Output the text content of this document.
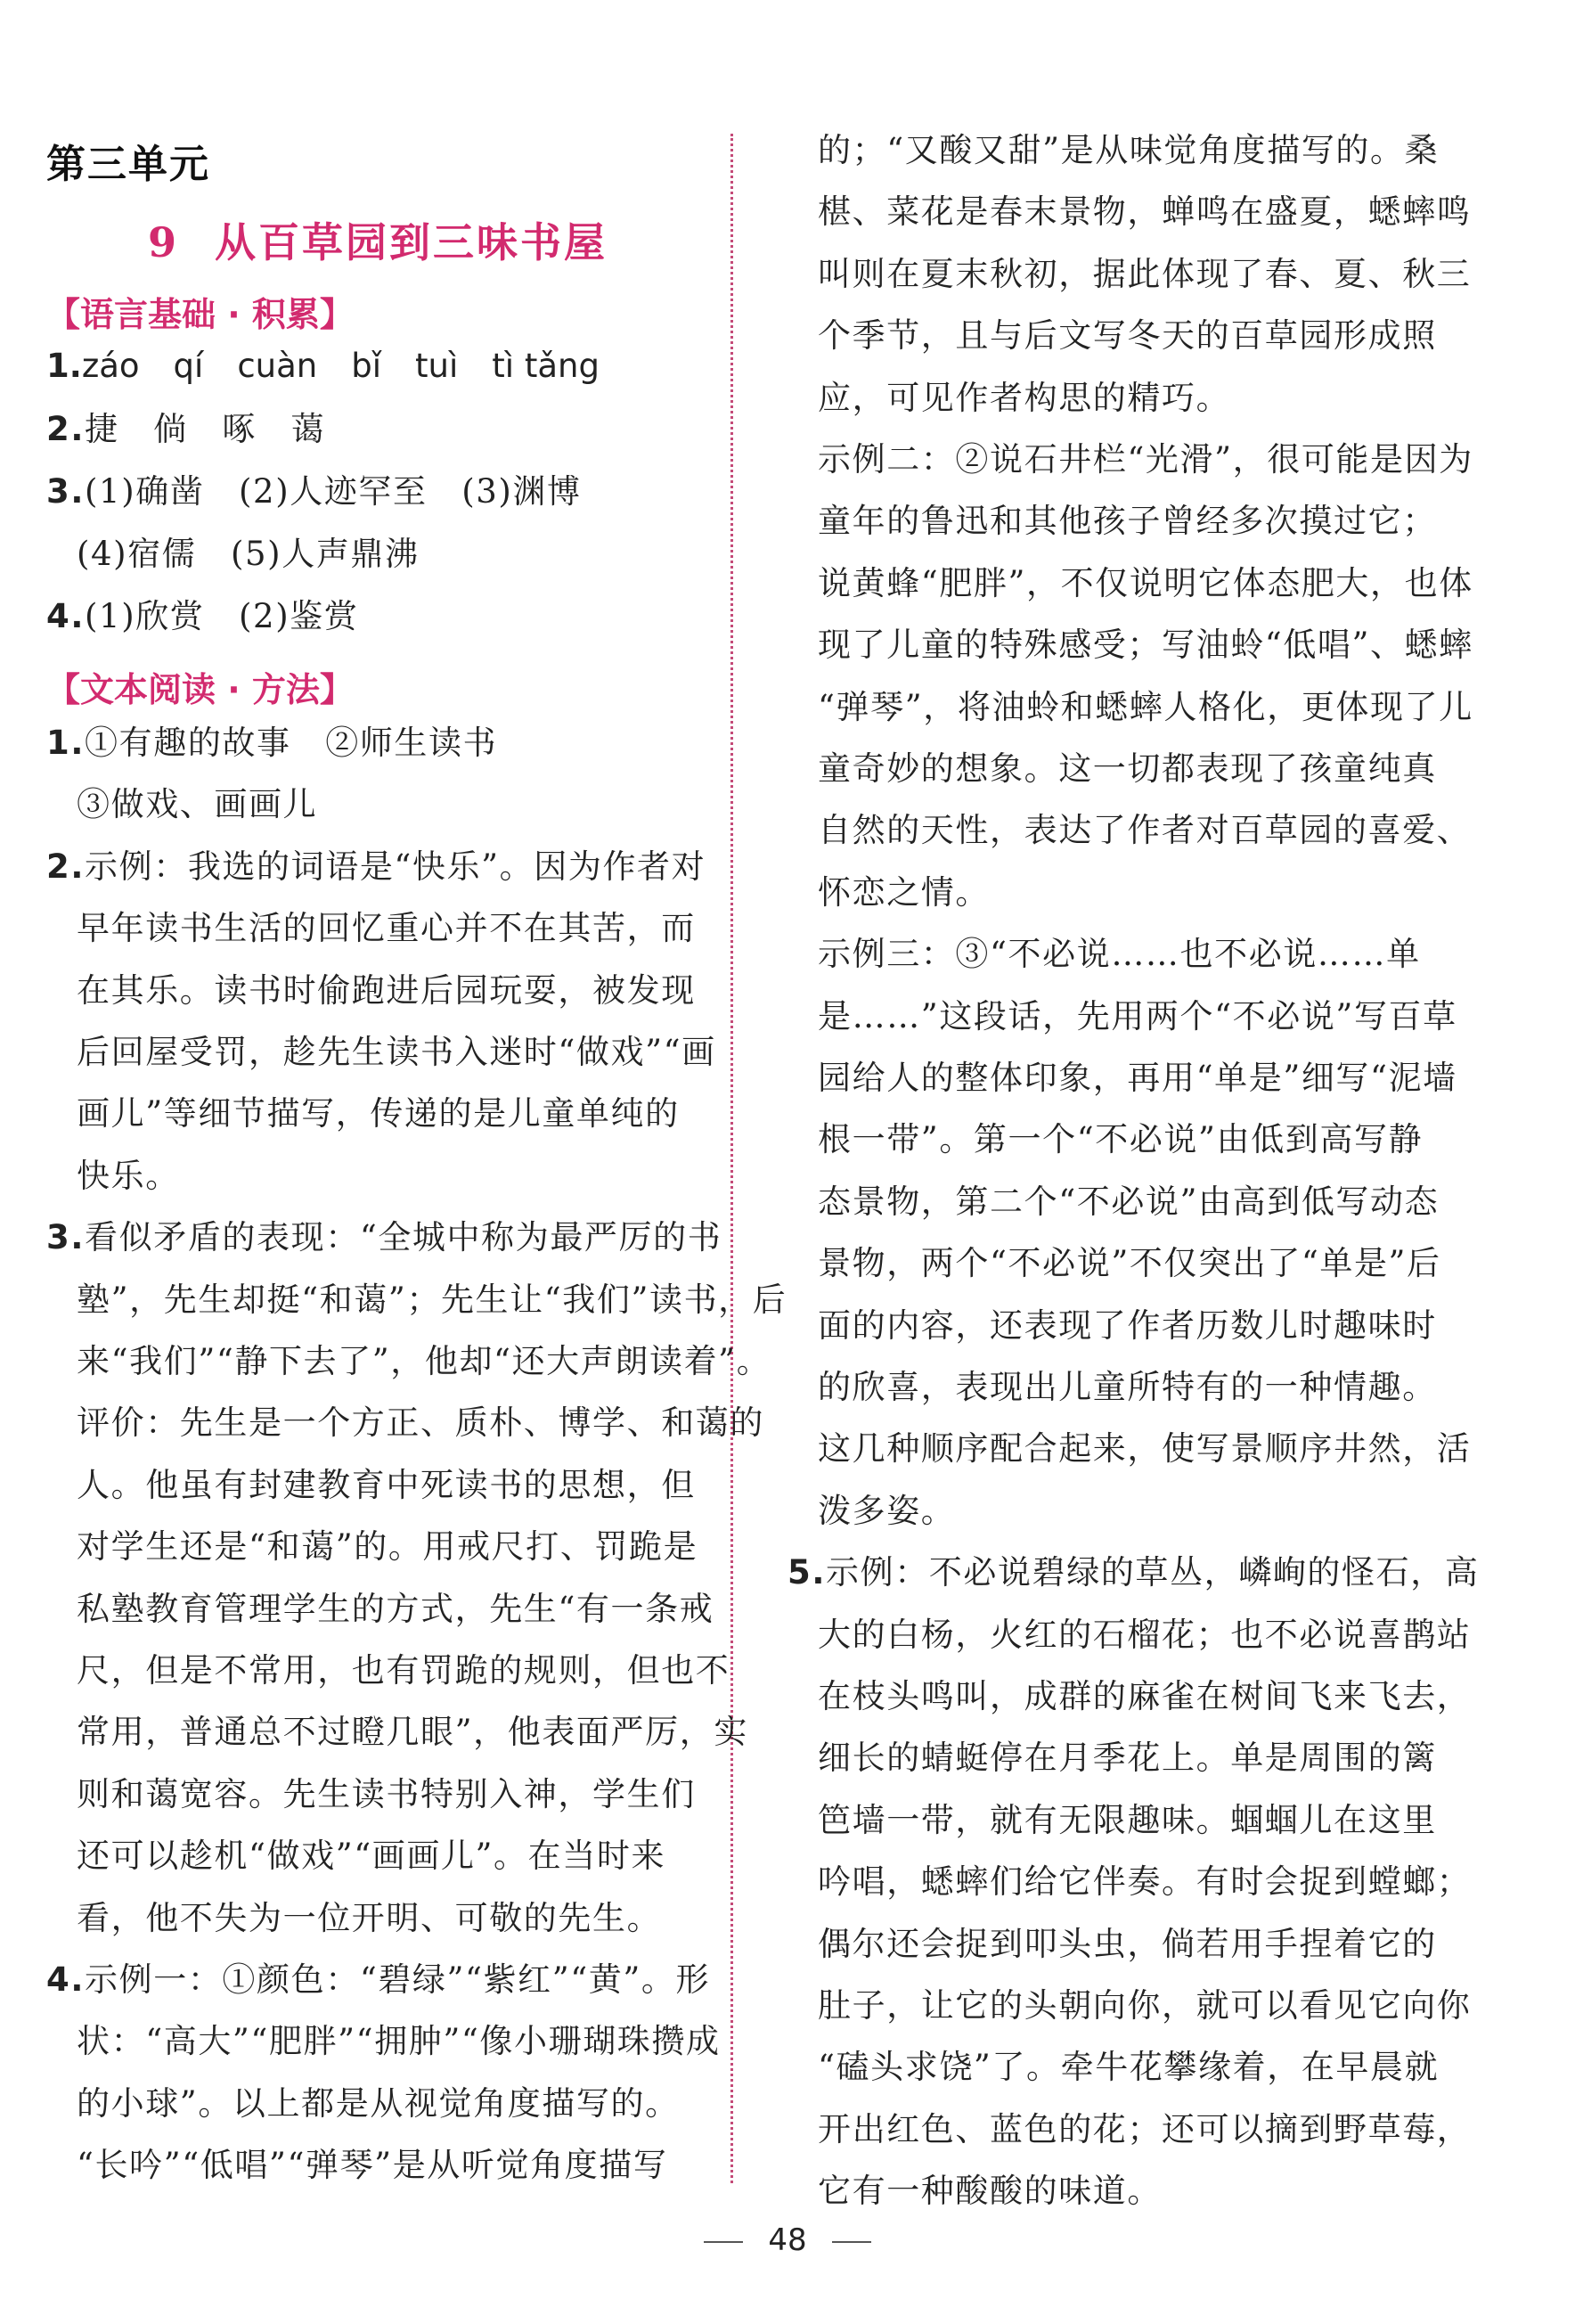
第三单元
9 从百草园到三味书屋
【语言基础 · 积累】
1.záo qí cuàn bǐ tuì tì tǎng
2.捷　倘　啄　蔼
3.(1)确凿　(2)人迹罕至　(3)渊博
(4)宿儒　(5)人声鼎沸
4.(1)欣赏　(2)鉴赏
【文本阅读 · 方法】
1.①有趣的故事　②师生读书
③做戏、画画儿
2.示例：我选的词语是“快乐”。因为作者对
早年读书生活的回忆重心并不在其苦，而
在其乐。读书时偷跑进后园玩耍，被发现
后回屋受罚，趁先生读书入迷时“做戏”“画
画儿”等细节描写，传递的是儿童单纯的
快乐。
3.看似矛盾的表现：“全城中称为最严厉的书
塾”，先生却挺“和蔼”；先生让“我们”读书，后
来“我们”“静下去了”，他却“还大声朗读着”。
评价：先生是一个方正、质朴、博学、和蔼的
人。他虽有封建教育中死读书的思想，但
对学生还是“和蔼”的。用戒尺打、罚跪是
私塾教育管理学生的方式，先生“有一条戒
尺，但是不常用，也有罚跪的规则，但也不
常用，普通总不过瞪几眼”，他表面严厉，实
则和蔼宽容。先生读书特别入神，学生们
还可以趁机“做戏”“画画儿”。在当时来
看，他不失为一位开明、可敬的先生。
4.示例一：①颜色：“碧绿”“紫红”“黄”。形
状：“高大”“肥胖”“拥肿”“像小珊瑚珠攒成
的小球”。以上都是从视觉角度描写的。
“长吟”“低唱”“弹琴”是从听觉角度描写
的；“又酸又甜”是从味觉角度描写的。桑
椹、菜花是春末景物，蝉鸣在盛夏，蟋蟀鸣
叫则在夏末秋初，据此体现了春、夏、秋三
个季节，且与后文写冬天的百草园形成照
应，可见作者构思的精巧。
示例二：②说石井栏“光滑”，很可能是因为
童年的鲁迅和其他孩子曾经多次摸过它；
说黄蜂“肥胖”，不仅说明它体态肥大，也体
现了儿童的特殊感受；写油蛉“低唱”、蟋蟀
“弹琴”，将油蛉和蟋蟀人格化，更体现了儿
童奇妙的想象。这一切都表现了孩童纯真
自然的天性，表达了作者对百草园的喜爱、
怀恋之情。
示例三：③“不必说……也不必说……单
是……”这段话，先用两个“不必说”写百草
园给人的整体印象，再用“单是”细写“泥墙
根一带”。第一个“不必说”由低到高写静
态景物，第二个“不必说”由高到低写动态
景物，两个“不必说”不仅突出了“单是”后
面的内容，还表现了作者历数儿时趣味时
的欣喜，表现出儿童所特有的一种情趣。
这几种顺序配合起来，使写景顺序井然，活
泼多姿。
5.示例：不必说碧绿的草丛，嶙峋的怪石，高
大的白杨，火红的石榴花；也不必说喜鹊站
在枝头鸣叫，成群的麻雀在树间飞来飞去，
细长的蜻蜓停在月季花上。单是周围的篱
笆墙一带，就有无限趣味。蝈蝈儿在这里
吟唱，蟋蟀们给它伴奏。有时会捉到螳螂；
偶尔还会捉到叩头虫，倘若用手捏着它的
肚子，让它的头朝向你，就可以看见它向你
“磕头求饶”了。牵牛花攀缘着，在早晨就
开出红色、蓝色的花；还可以摘到野草莓，
它有一种酸酸的味道。
48
